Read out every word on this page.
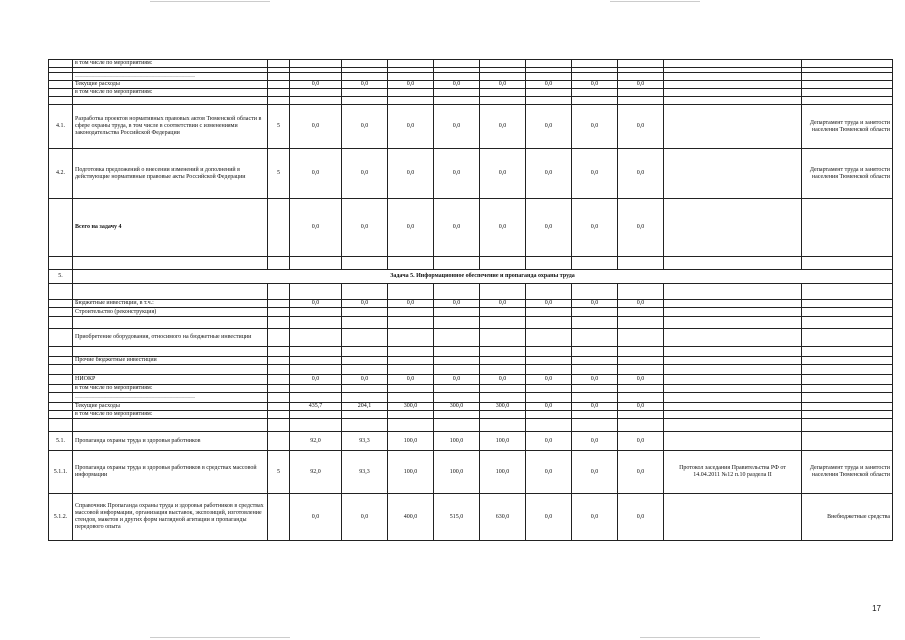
	в том числе по мероприятиям:											

	……………………………………………………											
	Текущие расходы		0,0	0,0	0,0	0,0	0,0	0,0	0,0	0,0		
	в том числе по мероприятиям:											

4.1.	Разработка проектов нормативных правовых актов Тюменской области в сфере охраны труда, в том числе в соответствии с изменениями законодательства Российской Федерации	5	0,0	0,0	0,0	0,0	0,0	0,0	0,0	0,0		Департамент труда и занятости населения Тюменской области
4.2.	Подготовка предложений о внесении изменений и дополнений в действующие нормативные правовые акты Российской Федерации	5	0,0	0,0	0,0	0,0	0,0	0,0	0,0	0,0		Департамент труда и занятости населения Тюменской области
	Всего на задачу 4		0,0	0,0	0,0	0,0	0,0	0,0	0,0	0,0		

5.	Задача 5. Информационное обеспечение и пропаганда охраны труда											

	Бюджетные инвестиции, в т.ч.:		0,0	0,0	0,0	0,0	0,0	0,0	0,0	0,0		
	Строительство (реконструкция)											

	Приобретение оборудования, относимого на бюджетные инвестиции											

	Прочие бюджетные инвестиции											

	НИОКР		0,0	0,0	0,0	0,0	0,0	0,0	0,0	0,0		
	в том числе по мероприятиям:											
	……………………………………………………											
	Текущие расходы		435,7	204,1	300,0	300,0	300,0	0,0	0,0	0,0		
	в том числе по мероприятиям:											

5.1.	Пропаганда охраны труда и здоровья работников		92,0	93,3	100,0	100,0	100,0	0,0	0,0	0,0		
5.1.1.	Пропаганда охраны труда и здоровья работников в средствах массовой информации	5	92,0	93,3	100,0	100,0	100,0	0,0	0,0	0,0	Протокол заседания Правительства РФ от 14.04.2011 №12 п.10 раздела II	Департамент труда и занятости населения Тюменской области
5.1.2.	Справочник Пропаганда охраны труда и здоровья работников в средствах массовой информации, организация выставок, экспозиций, изготовление стендов, макетов и других форм наглядной агитации и пропаганды передового опыта		0,0	0,0	400,0	515,0	630,0	0,0	0,0	0,0		Внебюджетные средства
17
